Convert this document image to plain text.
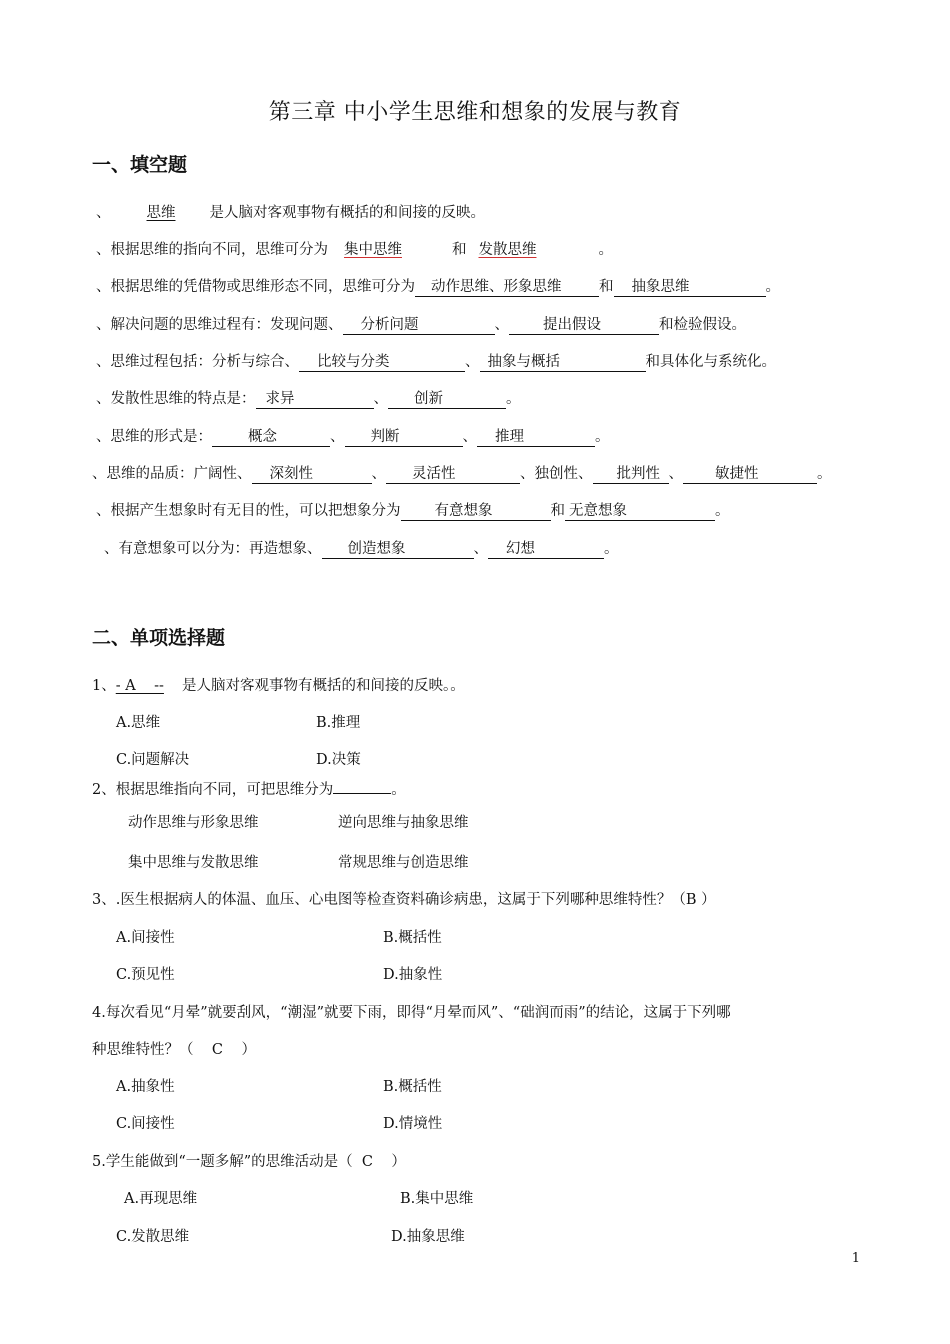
第三章 中小学生思维和想象的发展与教育
一、填空题
、 思维 是人脑对客观事物有概括的和间接的反映。
、根据思维的指向不同，思维可分为 集中思维	和 发散思维	。
、根据思维的凭借物或思维形态不同，思维可分为 动作思维、形象思维	和 抽象思维	。
、解决问题的思维过程有：发现问题、 分析问题	、 提出假设	和检验假设。
、思维过程包括：分析与综合、 比较与分类	、 抽象与概括	和具体化与系统化。
、发散性思维的特点是： 求异	、 创新	。
、思维的形式是： 概念	、 判断	、 推理	。
、思维的品质：广阔性、 深刻性	、 灵活性	、独创性、 批判性 、 敏捷性	。
、根据产生想象时有无目的性，可以把想象分为 有意想象	和 无意想象	。
、有意想象可以分为：再造想象、 创造想象	、 幻想	。
二、单项选择题
1、- A    -- 是人脑对客观事物有概括的和间接的反映。。
A.思维	B.推理
C.问题解决	D.决策
2、根据思维指向不同，可把思维分为	。
动作思维与形象思维	逆向思维与抽象思维
集中思维与发散思维	常规思维与创造思维
3、.医生根据病人的体温、血压、心电图等检查资料确诊病患，这属于下列哪种思维特性？（B ）
A.间接性	B.概括性
C.预见性	D.抽象性
4.每次看见“月晕”就要刮风，“潮湿”就要下雨，即得“月晕而风”、“础润而雨”的结论，这属于下列哪
种思维特性？（    C    ）
A.抽象性	B.概括性
C.间接性	D.情境性
5.学生能做到“一题多解”的思维活动是（  C    ）
A.再现思维	B.集中思维
C.发散思维	D.抽象思维
1
